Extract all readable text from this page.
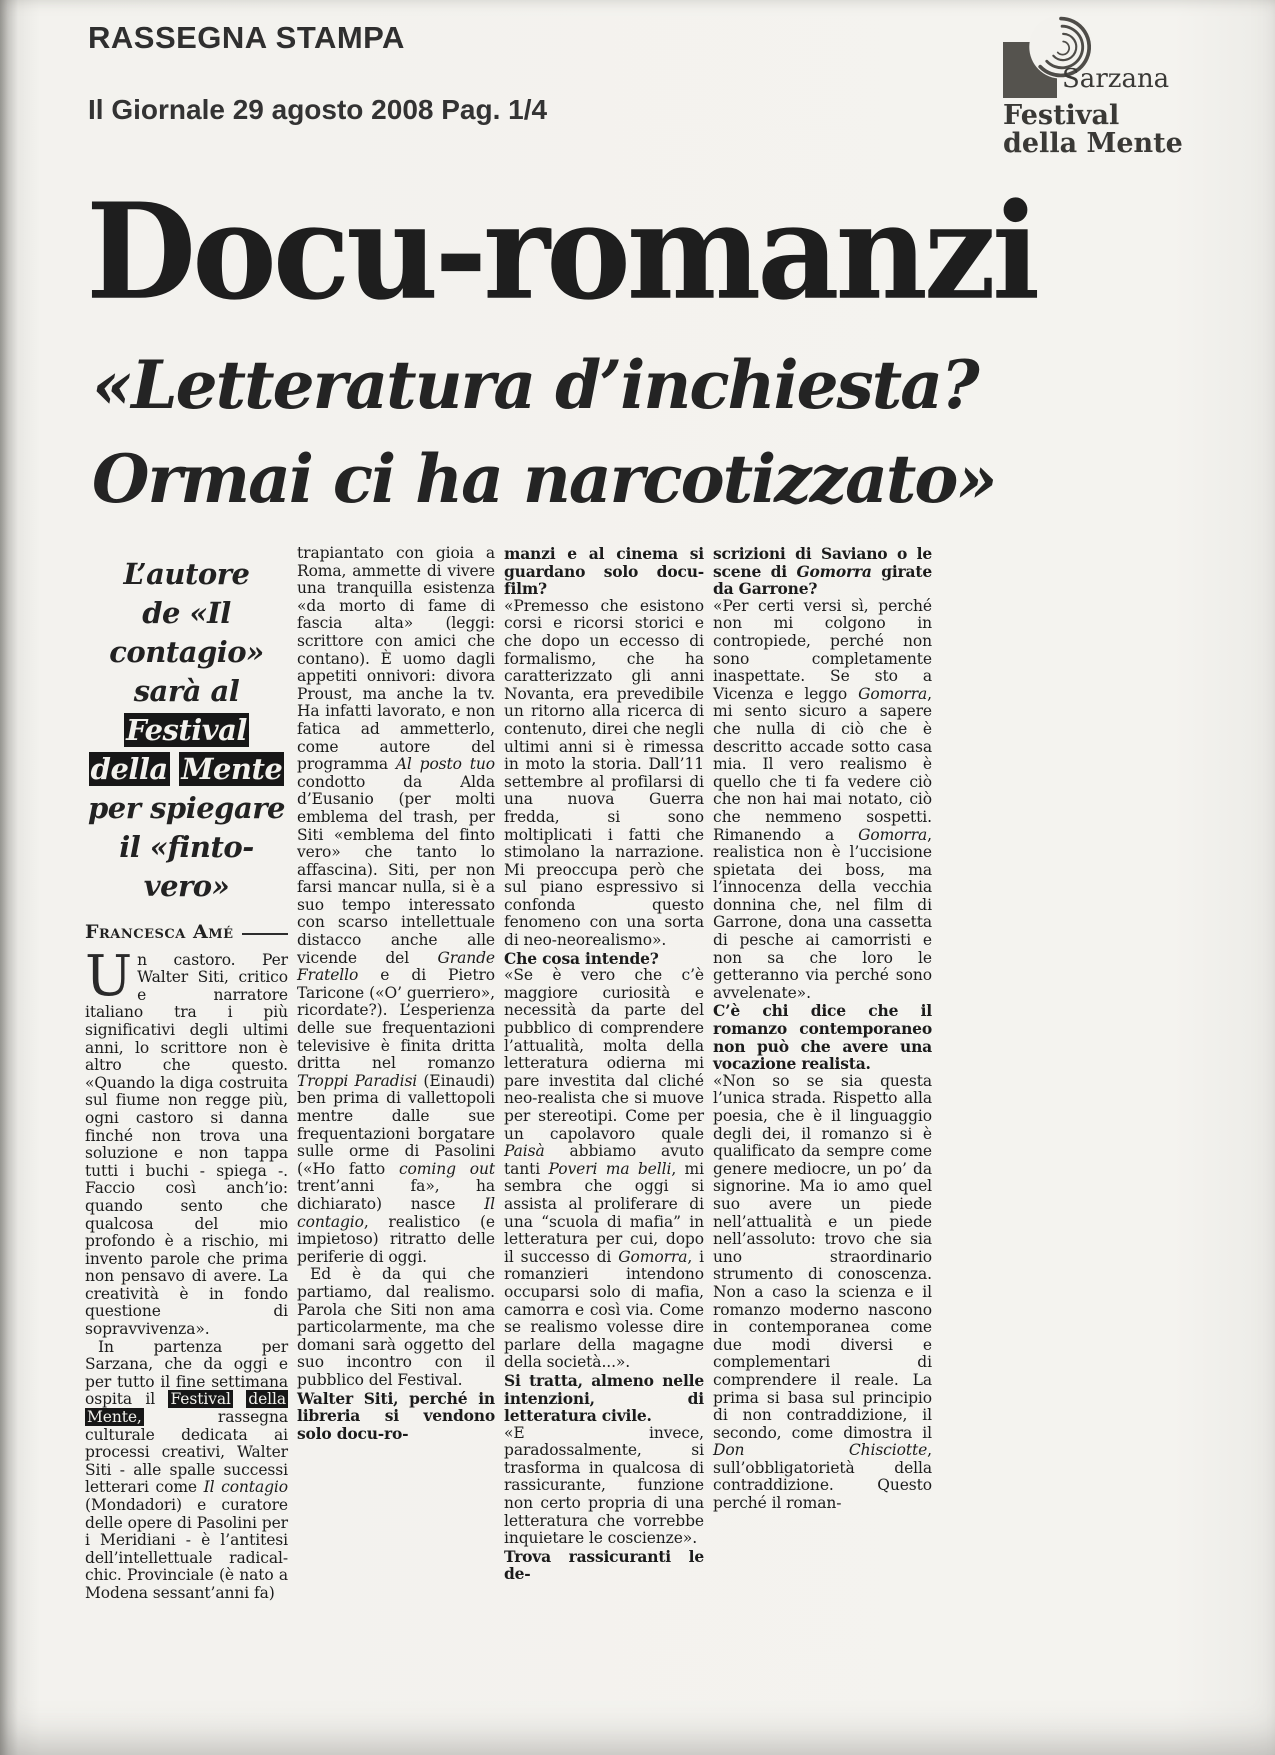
RASSEGNA STAMPA
Il Giornale 29 agosto 2008 Pag. 1/4
Sarzana
Festival
della Mente
Docu-romanzi
«Letteratura d’inchiesta?
Ormai ci ha narcotizzato»
L’autore
de «Il contagio»
sarà al Festival
della Mente
per spiegare
il «finto-vero»
Francesca Amé

Un castoro. Per Walter Siti, critico e narratore italiano tra i più significativi degli ultimi anni, lo scrittore non è altro che questo. «Quando la diga costruita sul fiume non regge più, ogni castoro si danna finché non trova una soluzione e non tappa tutti i buchi - spiega -. Faccio così anch’io: quando sento che qualcosa del mio profondo è a rischio, mi invento parole che prima non pensavo di avere. La creatività è in fondo questione di sopravvivenza».

In partenza per Sarzana, che da oggi e per tutto il fine settimana ospita il Festival della Mente, rassegna culturale dedicata ai processi creativi, Walter Siti - alle spalle successi letterari come Il contagio (Mondadori) e curatore delle opere di Pasolini per i Meridiani - è l’antitesi dell’intellettuale radical-chic. Provinciale (è nato a Modena sessant’anni fa)

trapiantato con gioia a Roma, ammette di vivere una tranquilla esistenza «da morto di fame di fascia alta» (leggi: scrittore con amici che contano). È uomo dagli appetiti onnivori: divora Proust, ma anche la tv. Ha infatti lavorato, e non fatica ad ammetterlo, come autore del programma Al posto tuo condotto da Alda d’Eusanio (per molti emblema del trash, per Siti «emblema del finto vero» che tanto lo affascina). Siti, per non farsi mancar nulla, si è a suo tempo interessato con scarso intellettuale distacco anche alle vicende del Grande Fratello e di Pietro Taricone («O’ guerriero», ricordate?). L’esperienza delle sue frequentazioni televisive è finita dritta dritta nel romanzo Troppi Paradisi (Einaudi) ben prima di vallettopoli mentre dalle sue frequentazioni borgatare sulle orme di Pasolini («Ho fatto coming out trent’anni fa», ha dichiarato) nasce Il contagio, realistico (e impietoso) ritratto delle periferie di oggi.

Ed è da qui che partiamo, dal realismo. Parola che Siti non ama particolarmente, ma che domani sarà oggetto del suo incontro con il pubblico del Festival.

Walter Siti, perché in libreria si vendono solo docu-ro-

manzi e al cinema si guardano solo docu-film?

«Premesso che esistono corsi e ricorsi storici e che dopo un eccesso di formalismo, che ha caratterizzato gli anni Novanta, era prevedibile un ritorno alla ricerca di contenuto, direi che negli ultimi anni si è rimessa in moto la storia. Dall’11 settembre al profilarsi di una nuova Guerra fredda, si sono moltiplicati i fatti che stimolano la narrazione. Mi preoccupa però che sul piano espressivo si confonda questo fenomeno con una sorta di neo-neorealismo».

Che cosa intende?

«Se è vero che c’è maggiore curiosità e necessità da parte del pubblico di comprendere l’attualità, molta della letteratura odierna mi pare investita dal cliché neo-realista che si muove per stereotipi. Come per un capolavoro quale Paisà abbiamo avuto tanti Poveri ma belli, mi sembra che oggi si assista al proliferare di una “scuola di mafia” in letteratura per cui, dopo il successo di Gomorra, i romanzieri intendono occuparsi solo di mafia, camorra e così via. Come se realismo volesse dire parlare della magagne della società...».

Si tratta, almeno nelle intenzioni, di letteratura civile.

«E invece, paradossalmente, si trasforma in qualcosa di rassicurante, funzione non certo propria di una letteratura che vorrebbe inquietare le coscienze».

Trova rassicuranti le de-

scrizioni di Saviano o le scene di Gomorra girate da Garrone?

«Per certi versi sì, perché non mi colgono in contropiede, perché non sono completamente inaspettate. Se sto a Vicenza e leggo Gomorra, mi sento sicuro a sapere che nulla di ciò che è descritto accade sotto casa mia. Il vero realismo è quello che ti fa vedere ciò che non hai mai notato, ciò che nemmeno sospetti. Rimanendo a Gomorra, realistica non è l’uccisione spietata dei boss, ma l’innocenza della vecchia donnina che, nel film di Garrone, dona una cassetta di pesche ai camorristi e non sa che loro le getteranno via perché sono avvelenate».

C’è chi dice che il romanzo contemporaneo non può che avere una vocazione realista.

«Non so se sia questa l’unica strada. Rispetto alla poesia, che è il linguaggio degli dei, il romanzo si è qualificato da sempre come genere mediocre, un po’ da signorine. Ma io amo quel suo avere un piede nell’attualità e un piede nell’assoluto: trovo che sia uno straordinario strumento di conoscenza. Non a caso la scienza e il romanzo moderno nascono in contemporanea come due modi diversi e complementari di comprendere il reale. La prima si basa sul principio di non contraddizione, il secondo, come dimostra il Don Chisciotte, sull’obbligatorietà della contraddizione. Questo perché il roman-
